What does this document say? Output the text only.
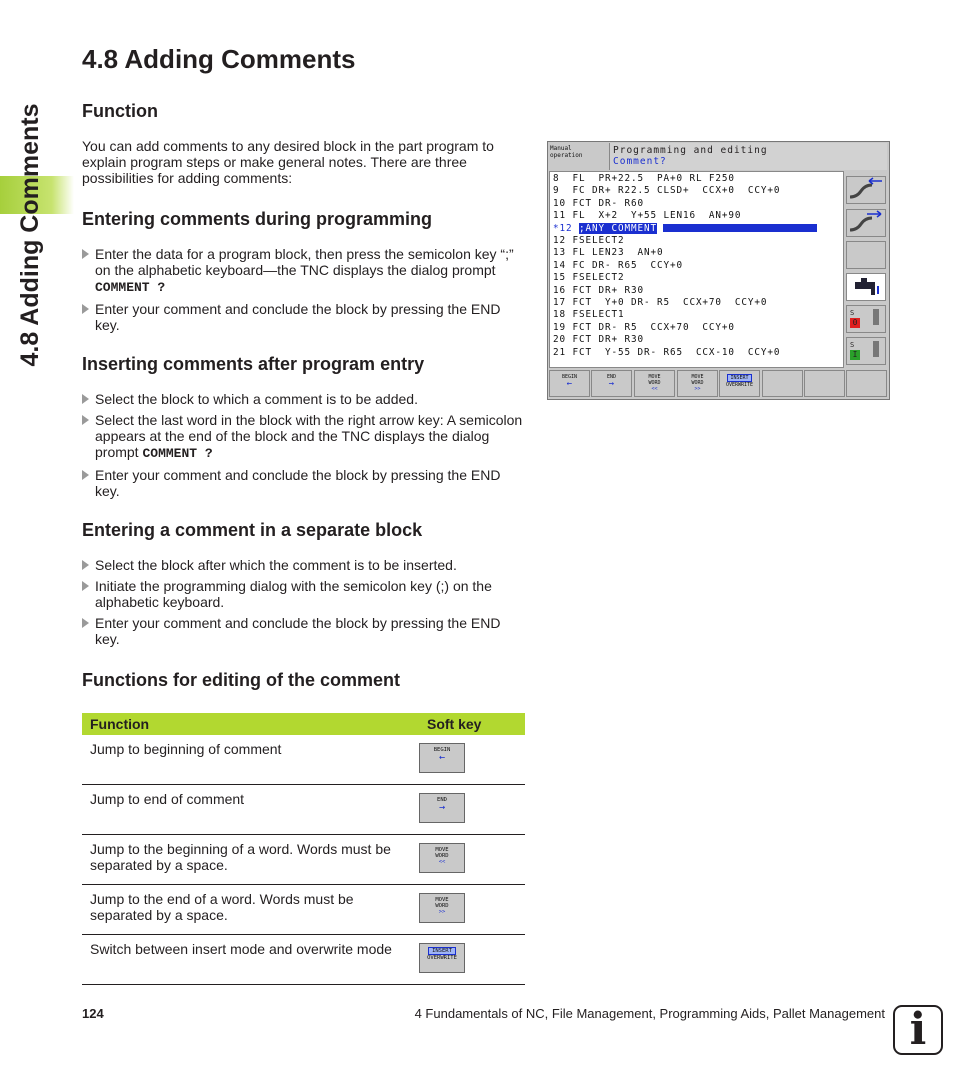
4.8 Adding Comments
4.8 Adding Comments
Function

You can add comments to any desired block in the part program to explain program steps or make general notes. There are three possibilities for adding comments:

Entering comments during programming
Enter the data for a program block, then press the semicolon key “;” on the alphabetic keyboard—the TNC displays the dialog prompt COMMENT ?
Enter your comment and conclude the block by pressing the END key.
Inserting comments after program entry
Select the block to which a comment is to be added.
Select the last word in the block with the right arrow key: A semicolon appears at the end of the block and the TNC displays the dialog prompt COMMENT ?
Enter your comment and conclude the block by pressing the END key.
Entering a comment in a separate block
Select the block after which the comment is to be inserted.
Initiate the programming dialog with the semicolon key (;) on the alphabetic keyboard.
Enter your comment and conclude the block by pressing the END key.
Functions for editing of the comment
Manual
operation	Programming and editing
Comment?
8  FL  PR+22.5  PA+0 RL F250
9  FC DR+ R22.5 CLSD+  CCX+0  CCY+0
10 FCT DR- R60
11 FL  X+2  Y+55 LEN16  AN+90
*12 ;ANY COMMENT
12 FSELECT2
13 FL LEN23  AN+0
14 FC DR- R65  CCY+0
15 FSELECT2
16 FCT DR+ R30
17 FCT  Y+0 DR- R5  CCX+70  CCY+0
18 FSELECT1
19 FCT DR- R5  CCX+70  CCY+0
20 FCT DR+ R30
21 FCT  Y-55 DR- R65  CCX-10  CCY+0
S
0
S
I
BEGIN
←
END
→
MOVE
WORD
<<
MOVE
WORD
>>
INSERT
OVERWRITE
Function	Soft key
Jump to beginning of comment	BEGIN
←

Jump to end of comment	END
→

Jump to the beginning of a word. Words must be separated by a space.	MOVE
WORD
<<

Jump to the end of a word. Words must be separated by a space.	MOVE
WORD
>>

Switch between insert mode and overwrite mode	INSERT
OVERWRITE
124	4 Fundamentals of NC, File Management, Programming Aids, Pallet Management i
